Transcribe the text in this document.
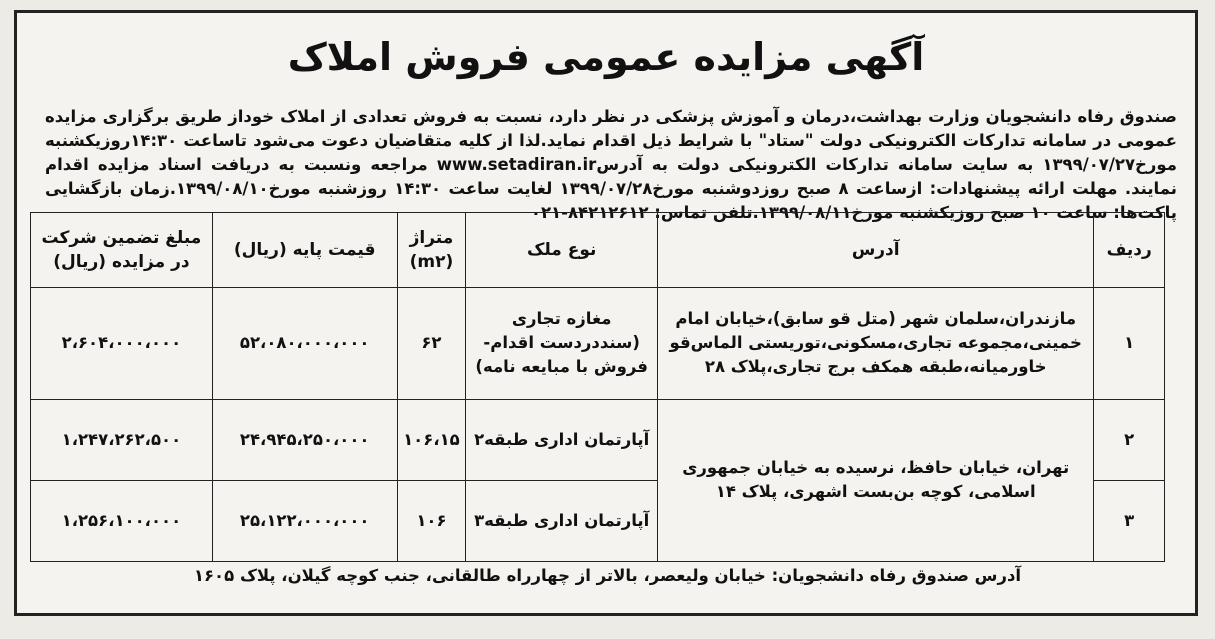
آگهی مزایده عمومی فروش املاک

صندوق رفاه دانشجویان وزارت بهداشت،درمان و آموزش پزشکی در نظر دارد، نسبت به فروش تعدادی از املاک خوداز طریق برگزاری مزایده عمومی در سامانه تدارکات الکترونیکی دولت "ستاد" با شرایط ذیل اقدام نماید.لذا از کلیه متقاضیان دعوت می‌شود تاساعت ۱۴:۳۰روزیکشنبه مورخ۱۳۹۹/۰۷/۲۷ به سایت سامانه تدارکات الکترونیکی دولت به آدرسwww.setadiran.ir مراجعه ونسبت به دریافت اسناد مزایده اقدام نمایند. مهلت ارائه پیشنهادات: ازساعت ۸ صبح روزدوشنبه مورخ۱۳۹۹/۰۷/۲۸ لغایت ساعت ۱۴:۳۰ روزشنبه مورخ۱۳۹۹/۰۸/۱۰.زمان بازگشایی پاکت‌ها: ساعت ۱۰ صبح روزیکشنبه مورخ۱۳۹۹/۰۸/۱۱.تلفن تماس: ۸۴۲۱۲۶۱۲-۰۲۱

ردیف	آدرس	نوع ملک	متراژ (m۲)	قیمت پایه (ریال)	مبلغ تضمین شرکت در مزایده (ریال)
۱	مازندران،سلمان شهر (متل قو سابق)،خیابان امام خمینی،مجموعه تجاری،مسکونی،توریستی الماس‌قو خاورمیانه،طبقه همکف برج تجاری،پلاک ۲۸	مغازه تجاری (سنددردست اقدام- فروش با مبایعه نامه)	۶۲	۵۲،۰۸۰،۰۰۰،۰۰۰	۲،۶۰۴،۰۰۰،۰۰۰
۲	تهران، خیابان حافظ، نرسیده به خیابان جمهوری اسلامی، کوچه بن‌بست اشهری، پلاک ۱۴	آپارتمان اداری طبقه۲	۱۰۶،۱۵	۲۴،۹۴۵،۲۵۰،۰۰۰	۱،۲۴۷،۲۶۲،۵۰۰
۳		آپارتمان اداری طبقه۳	۱۰۶	۲۵،۱۲۲،۰۰۰،۰۰۰	۱،۲۵۶،۱۰۰،۰۰۰
آدرس صندوق رفاه دانشجویان: خیابان ولیعصر، بالاتر از چهارراه طالقانی، جنب کوچه گیلان، پلاک ۱۶۰۵
